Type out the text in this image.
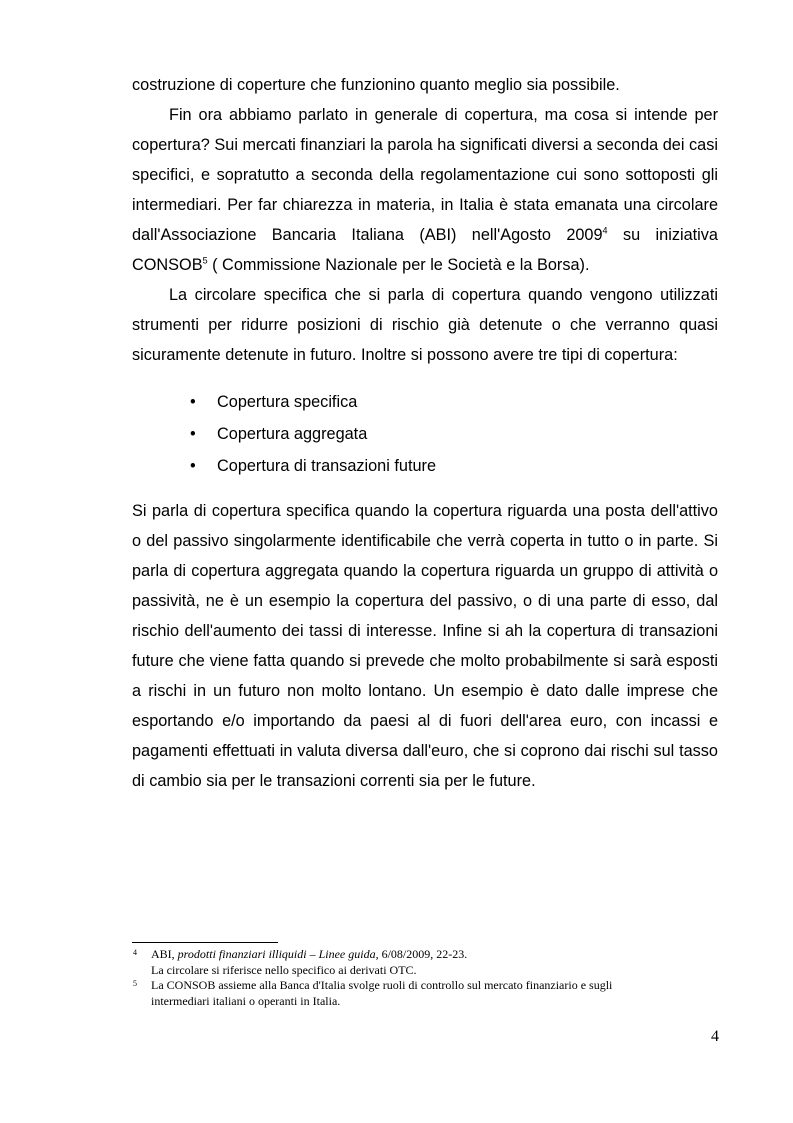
costruzione di coperture che funzionino quanto meglio sia possibile.

Fin ora abbiamo parlato in generale di copertura, ma cosa si intende per copertura? Sui mercati finanziari la parola ha significati diversi a seconda dei casi specifici, e sopratutto a seconda della regolamentazione cui sono sottoposti gli intermediari. Per far chiarezza in materia, in Italia è stata emanata una circolare dall'Associazione Bancaria Italiana (ABI) nell'Agosto 2009$^4$ su iniziativa CONSOB$^5$ ( Commissione Nazionale per le Società e la Borsa).

La circolare specifica che si parla di copertura quando vengono utilizzati strumenti per ridurre posizioni di rischio già detenute o che verranno quasi sicuramente detenute in futuro. Inoltre si possono avere tre tipi di copertura:

• Copertura specifica
• Copertura aggregata
• Copertura di transazioni future

Si parla di copertura specifica quando la copertura riguarda una posta dell'attivo o del passivo singolarmente identificabile che verrà coperta in tutto o in parte. Si parla di copertura aggregata quando la copertura riguarda un gruppo di attività o passività, ne è un esempio la copertura del passivo, o di una parte di esso, dal rischio dell'aumento dei tassi di interesse. Infine si ah la copertura di transazioni future che viene fatta quando si prevede che molto probabilmente si sarà esposti a rischi in un futuro non molto lontano. Un esempio è dato dalle imprese che esportando e/o importando da paesi al di fuori dell'area euro, con incassi e pagamenti effettuati in valuta diversa dall'euro, che si coprono dai rischi sul tasso di cambio sia per le transazioni correnti sia per le future.

4 ABI, prodotti finanziari illiquidi – Linee guida, 6/08/2009, 22-23.
La circolare si riferisce nello specifico ai derivati OTC.
5 La CONSOB assieme alla Banca d'Italia svolge ruoli di controllo sul mercato finanziario e sugli
intermediari italiani o operanti in Italia.
4
